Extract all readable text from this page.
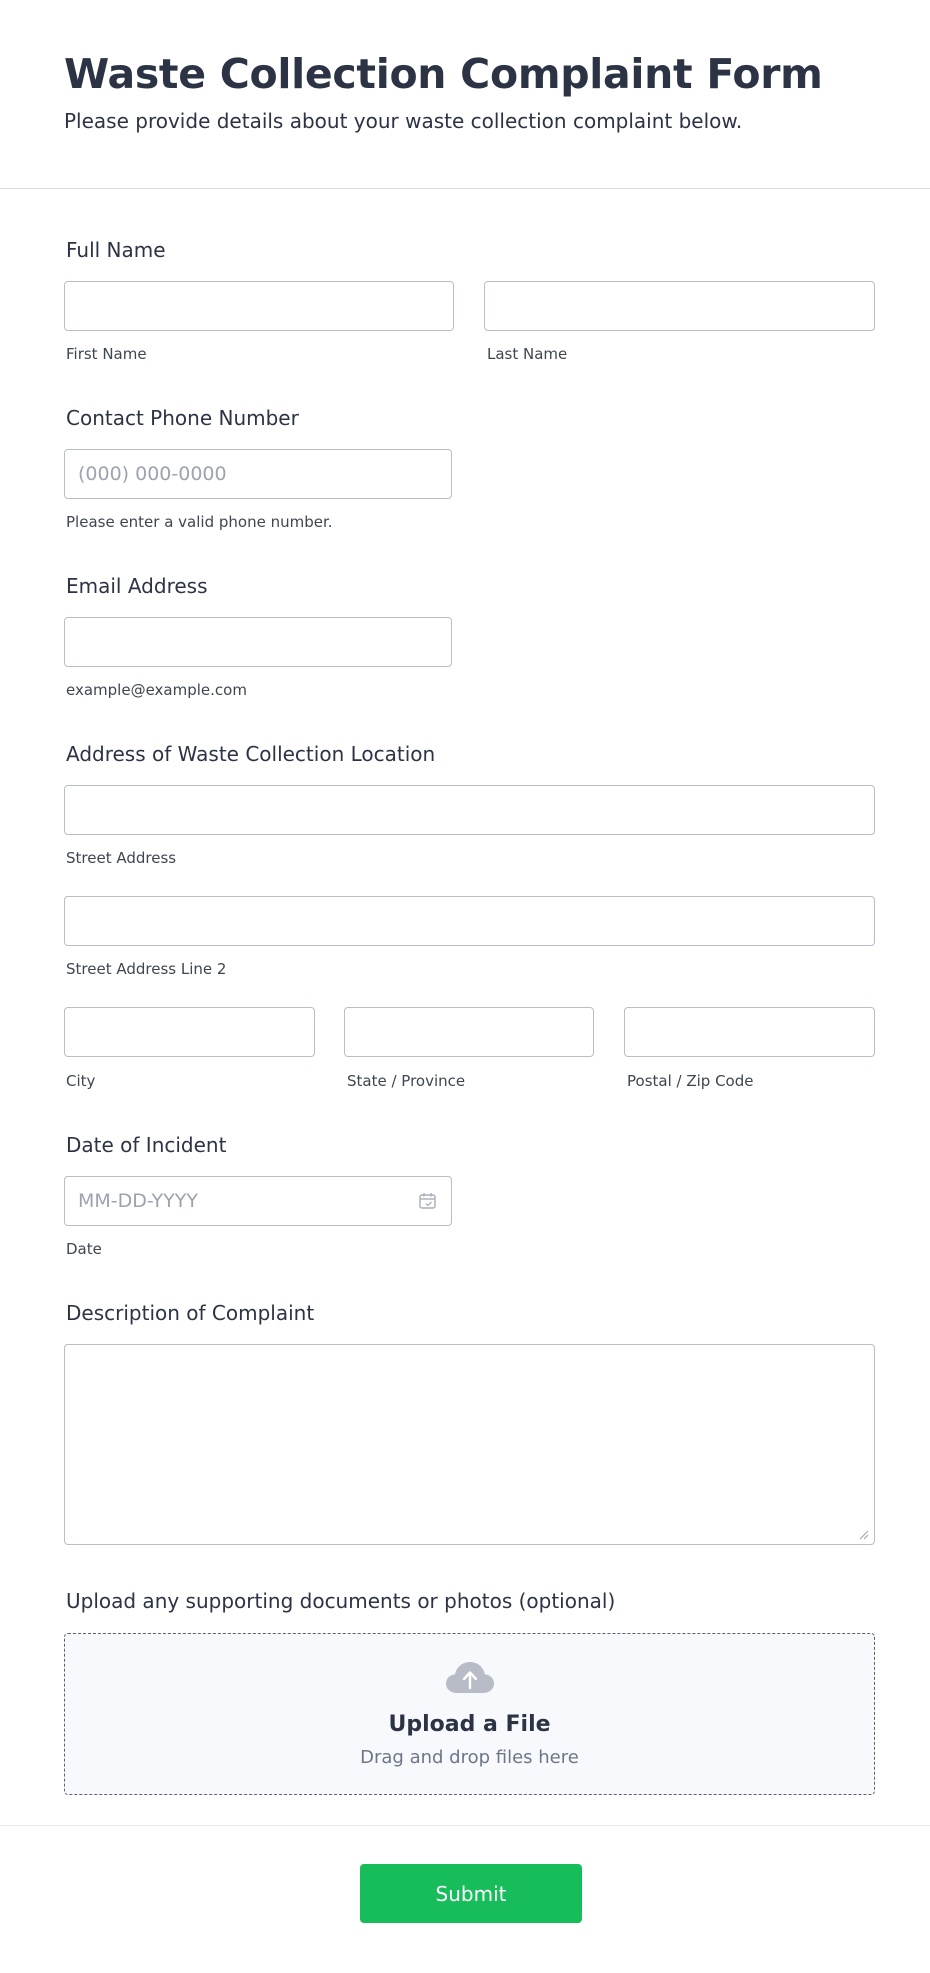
Waste Collection Complaint Form
Please provide details about your waste collection complaint below.
Full Name
First Name	Last Name
Contact Phone Number
(000) 000-0000
Please enter a valid phone number.
Email Address
example@example.com
Address of Waste Collection Location
Street Address
Street Address Line 2
City	State / Province	Postal / Zip Code
Date of Incident
MM-DD-YYYY
Date
Description of Complaint
Upload any supporting documents or photos (optional)
Upload a File
Drag and drop files here
Submit
